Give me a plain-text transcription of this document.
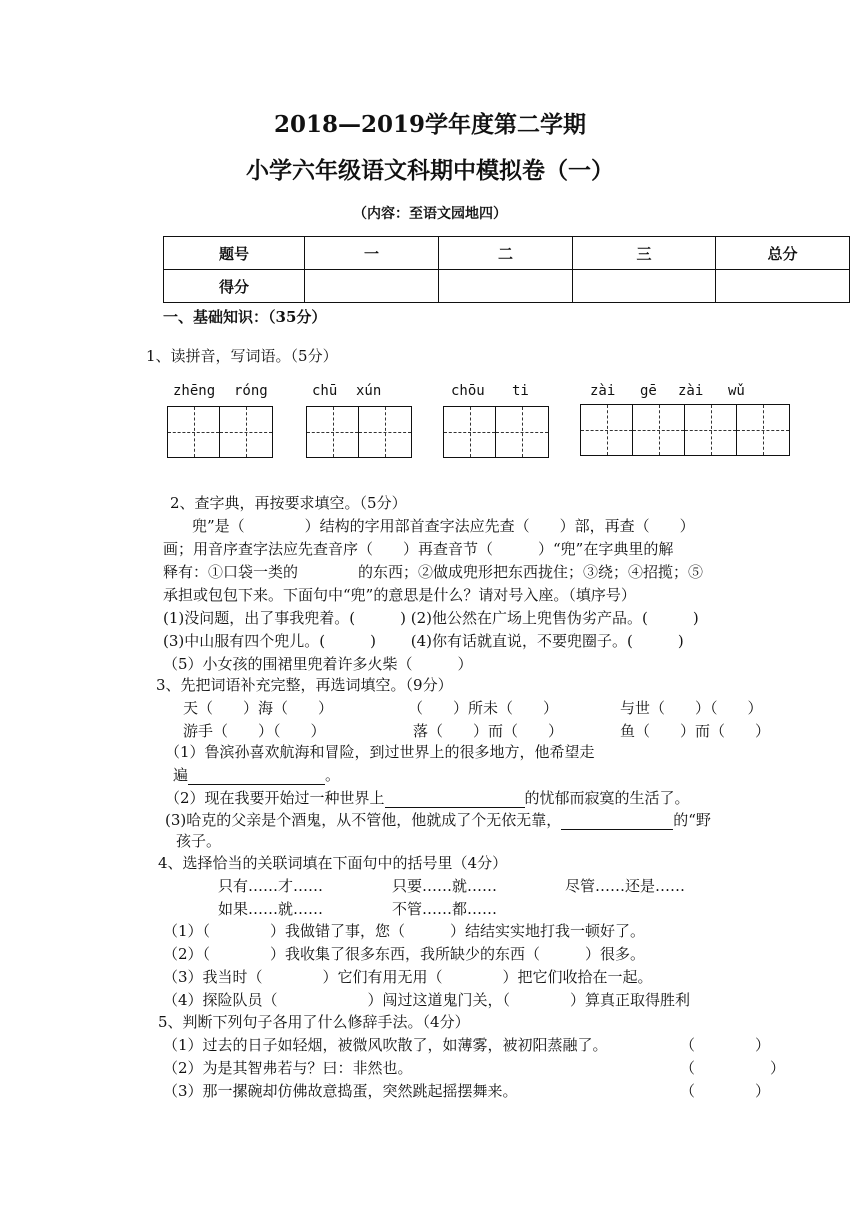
2018—2019学年度第二学期
小学六年级语文科期中模拟卷（一）
（内容：至语文园地四）
题号	一	二	三	总分
得分				
一、基础知识：（35分）
1、读拼音，写词语。（5分）
zhēng róng	chū xún	chōu ti	zài gē zài wǔ
2、查字典，再按要求填空。（5分）
兜”是（　　　　）结构的字用部首查字法应先查（　　）部，再查（　　）
画；用音序查字法应先查音序（　　）再查音节（　　　）“兜”在字典里的解
释有：①口袋一类的　　　　的东西；②做成兜形把东西拢住；③绕；④招揽；⑤
承担或包包下来。下面句中“兜”的意思是什么？请对号入座。（填序号）
(1)没问题，出了事我兜着。(　　　) (2)他公然在广场上兜售伪劣产品。(　　　)
(3)中山服有四个兜儿。(　　　)　　 (4)你有话就直说，不要兜圈子。(　　　)
（5）小女孩的围裙里兜着许多火柴（　　　）
3、先把词语补充完整，再选词填空。（9分）
天（　　）海（　　）	（　　）所未（　　）	与世（　　）（　　）
游手（　　）（　　）	落（　　）而（　　）	鱼（　　）而（　　）
（1）鲁滨孙喜欢航海和冒险，到过世界上的很多地方，他希望走
遍	。
（2）现在我要开始过一种世界上	的忧郁而寂寞的生活了。
(3)哈克的父亲是个酒鬼，从不管他，他就成了个无依无靠，	的“野
孩子。
4、选择恰当的关联词填在下面句中的括号里（4分）
只有……才……	只要……就……	尽管……还是……
如果……就……	不管……都……
（1）（　　　　）我做错了事，您（　　　）结结实实地打我一顿好了。
（2）（　　　　）我收集了很多东西，我所缺少的东西（　　　）很多。
（3）我当时（　　　　）它们有用无用（　　　　）把它们收拾在一起。
（4）探险队员（　　　　　　）闯过这道鬼门关，（　　　　）算真正取得胜利
5、判断下列句子各用了什么修辞手法。（4分）
（1）过去的日子如轻烟，被微风吹散了，如薄雾，被初阳蒸融了。	（　　　　）
（2）为是其智弗若与？曰：非然也。	（　　　　　）
（3）那一摞碗却仿佛故意捣蛋，突然跳起摇摆舞来。	（　　　　）
